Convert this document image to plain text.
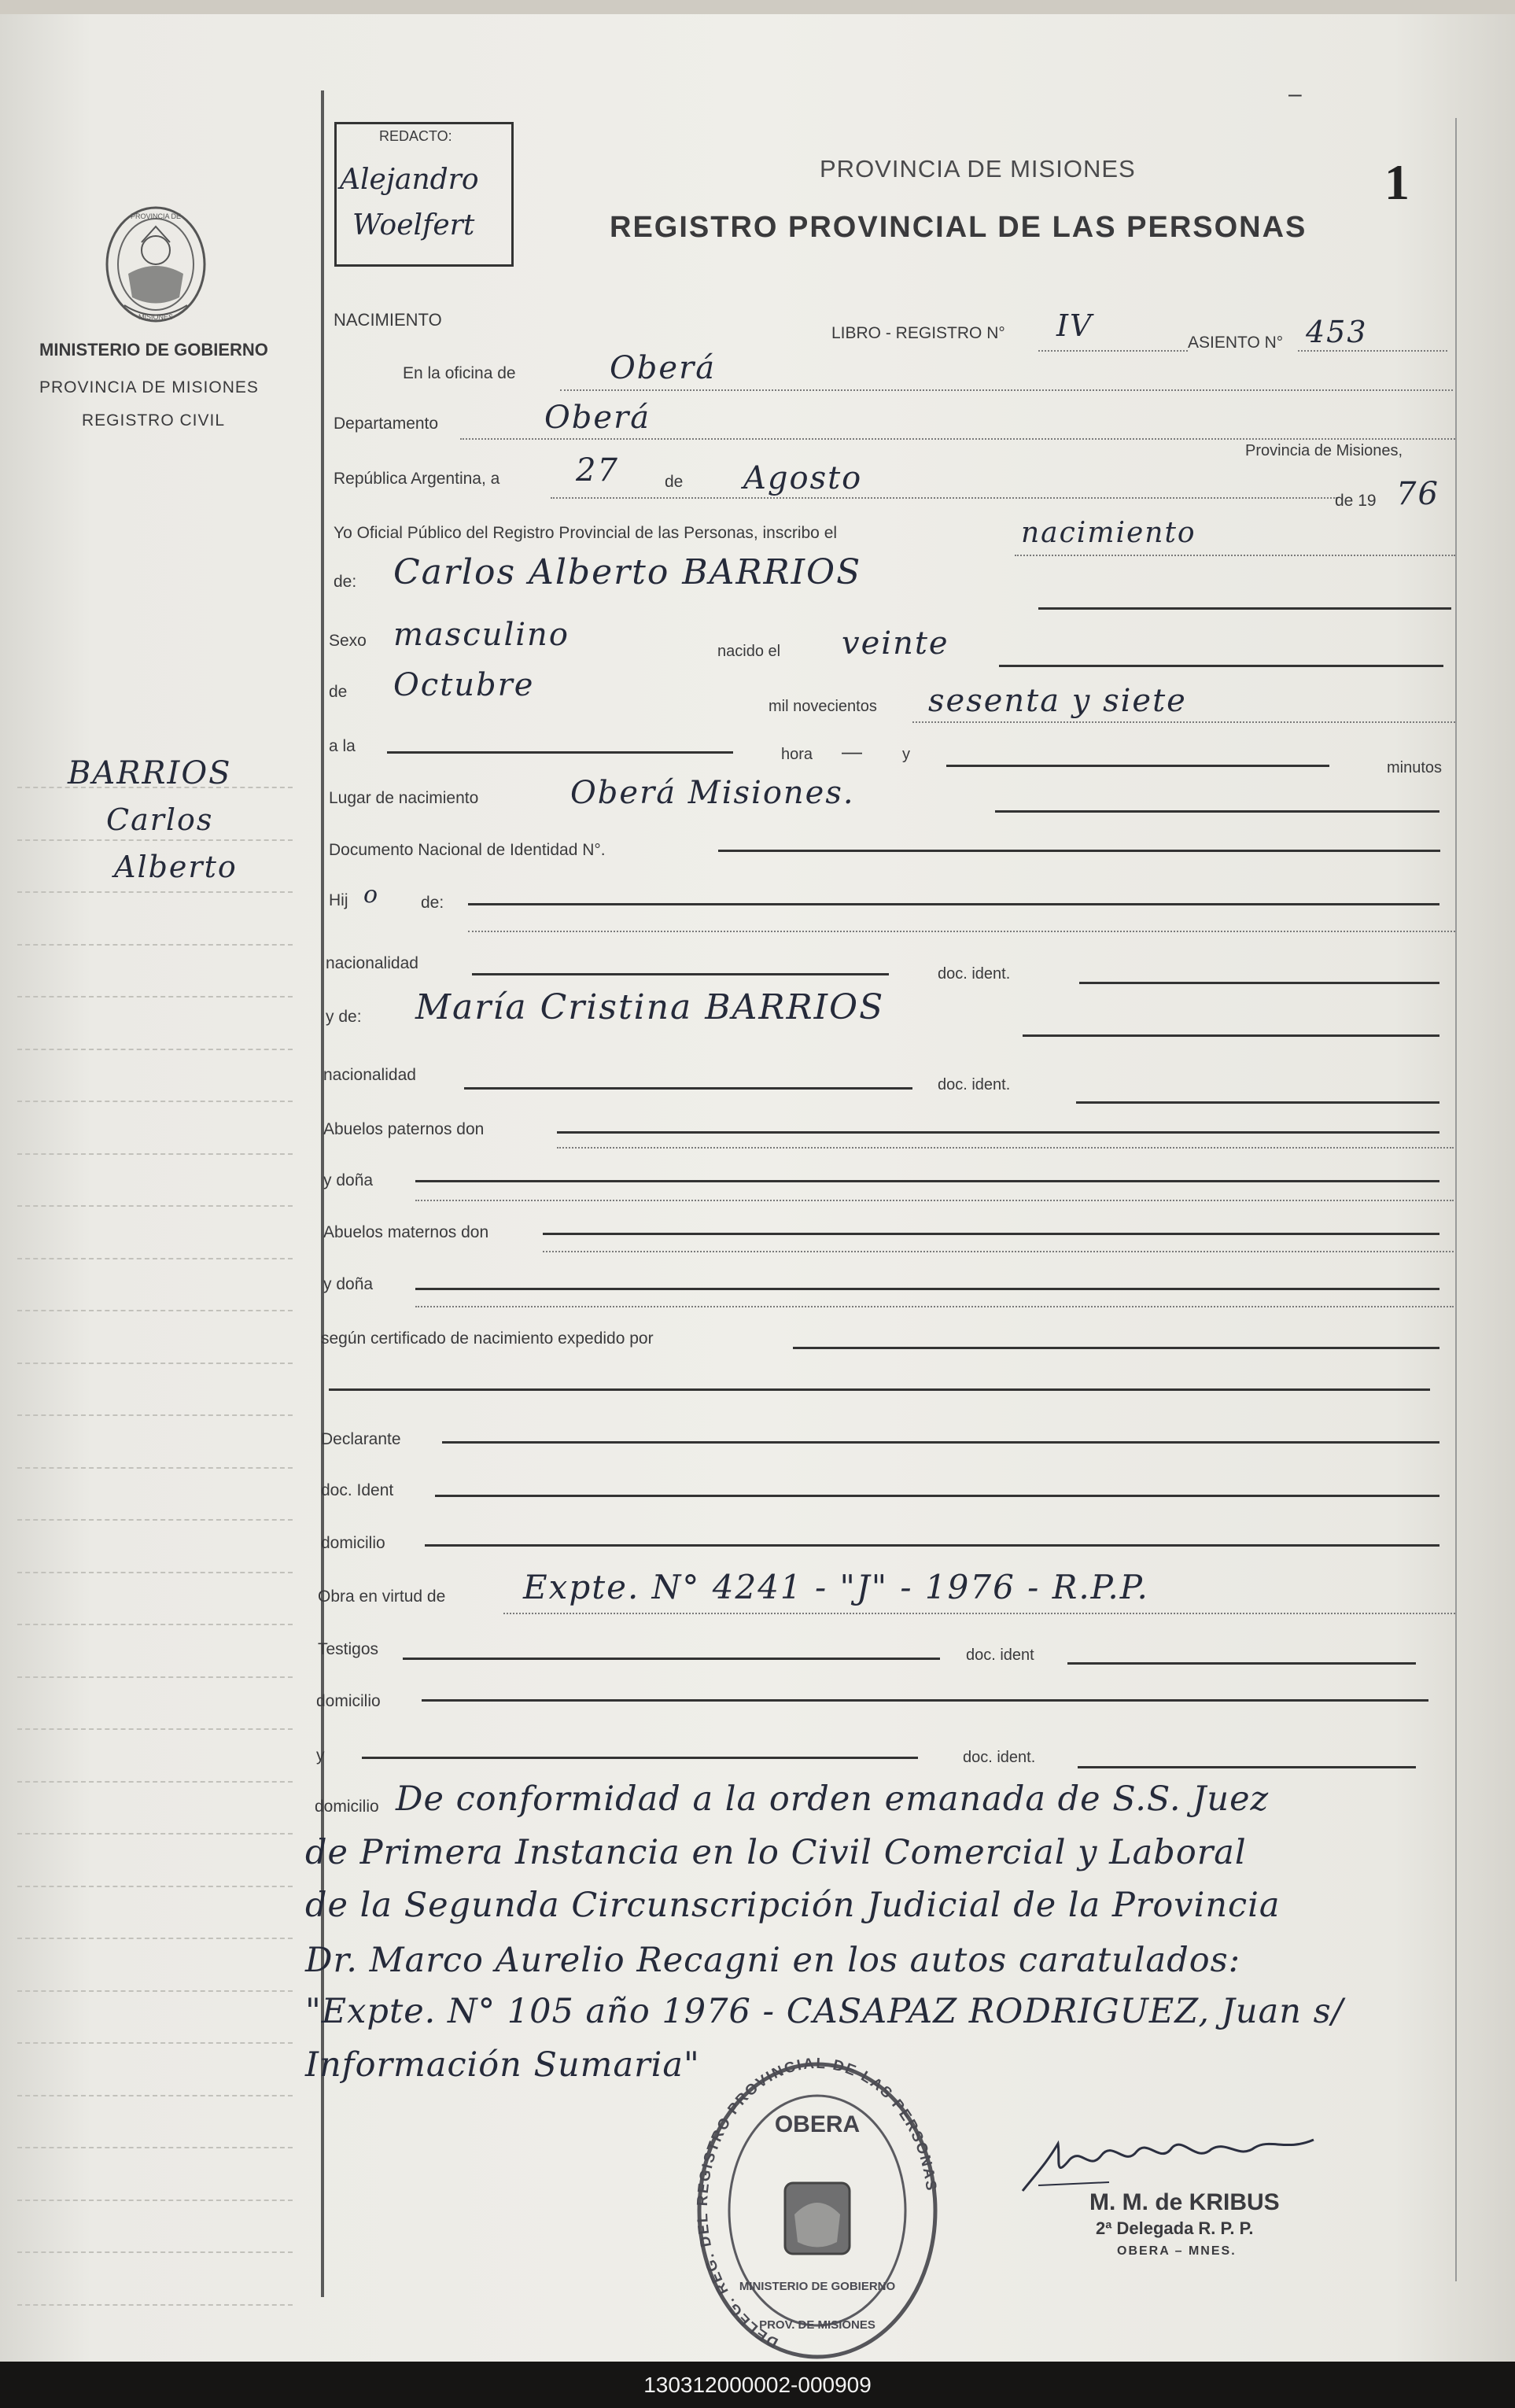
PROVINCIA DE
MISIONES
MINISTERIO DE GOBIERNO
PROVINCIA DE MISIONES
REGISTRO CIVIL
BARRIOS
Carlos
Alberto
REDACTO:
Alejandro
Woelfert
PROVINCIA DE MISIONES
REGISTRO PROVINCIAL DE LAS PERSONAS
1
–
NACIMIENTO
LIBRO - REGISTRO N° IV	ASIENTO N° 453
En la oficina de	Oberá
Departamento	Oberá
Provincia de Misiones,
República Argentina, a 27	de Agosto
de 19 76
Yo Oficial Público del Registro Provincial de las Personas, inscribo el	nacimiento
de: Carlos Alberto BARRIOS
Sexo masculino	nacido el veinte
de Octubre
mil novecientos sesenta y siete
a la	hora —	y
minutos
Lugar de nacimiento	Oberá Misiones.
Documento Nacional de Identidad N°.
Hij o	de:
nacionalidad
doc. ident.
y de: María Cristina BARRIOS
nacionalidad
doc. ident.
Abuelos paternos don
y doña
Abuelos maternos don
y doña
según certificado de nacimiento expedido por
Declarante
doc. Ident
domicilio
Obra en virtud de Expte. N° 4241 - "J" - 1976 - R.P.P.
Testigos	doc. ident
domicilio
y	doc. ident.
domicilio De conformidad a la orden emanada de S.S. Juez
de Primera Instancia en lo Civil Comercial y Laboral
de la Segunda Circunscripción Judicial de la Provincia
Dr. Marco Aurelio Recagni en los autos caratulados:
"Expte. N° 105 año 1976 - CASAPAZ RODRIGUEZ, Juan s/
Información Sumaria"
DELEG. REG. DEL REGISTRO PROVINCIAL DE LAS PERSONAS
OBERA
MINISTERIO DE GOBIERNO
PROV. DE MISIONES
M. M. de KRIBUS
2ª Delegada R. P. P.
OBERA – MNES.
130312000002-000909
